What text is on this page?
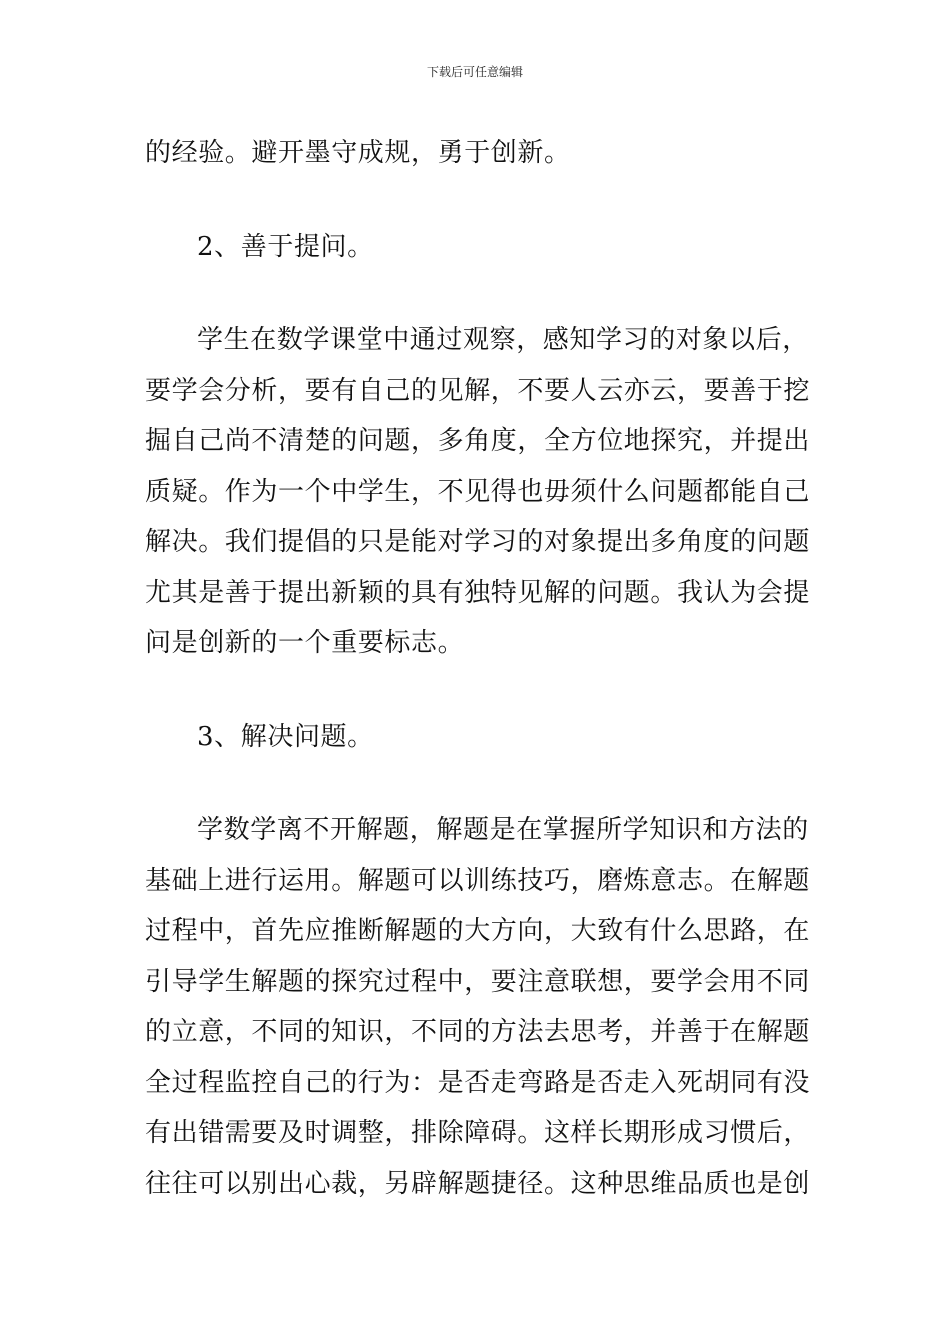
下载后可任意编辑
的经验。避开墨守成规，勇于创新。
2、善于提问。
学生在数学课堂中通过观察，感知学习的对象以后，
要学会分析，要有自己的见解，不要人云亦云，要善于挖
掘自己尚不清楚的问题，多角度，全方位地探究，并提出
质疑。作为一个中学生，不见得也毋须什么问题都能自己
解决。我们提倡的只是能对学习的对象提出多角度的问题
尤其是善于提出新颖的具有独特见解的问题。我认为会提
问是创新的一个重要标志。
3、解决问题。
学数学离不开解题，解题是在掌握所学知识和方法的
基础上进行运用。解题可以训练技巧，磨炼意志。在解题
过程中，首先应推断解题的大方向，大致有什么思路，在
引导学生解题的探究过程中，要注意联想，要学会用不同
的立意，不同的知识，不同的方法去思考，并善于在解题
全过程监控自己的行为：是否走弯路是否走入死胡同有没
有出错需要及时调整，排除障碍。这样长期形成习惯后，
往往可以别出心裁，另辟解题捷径。这种思维品质也是创
